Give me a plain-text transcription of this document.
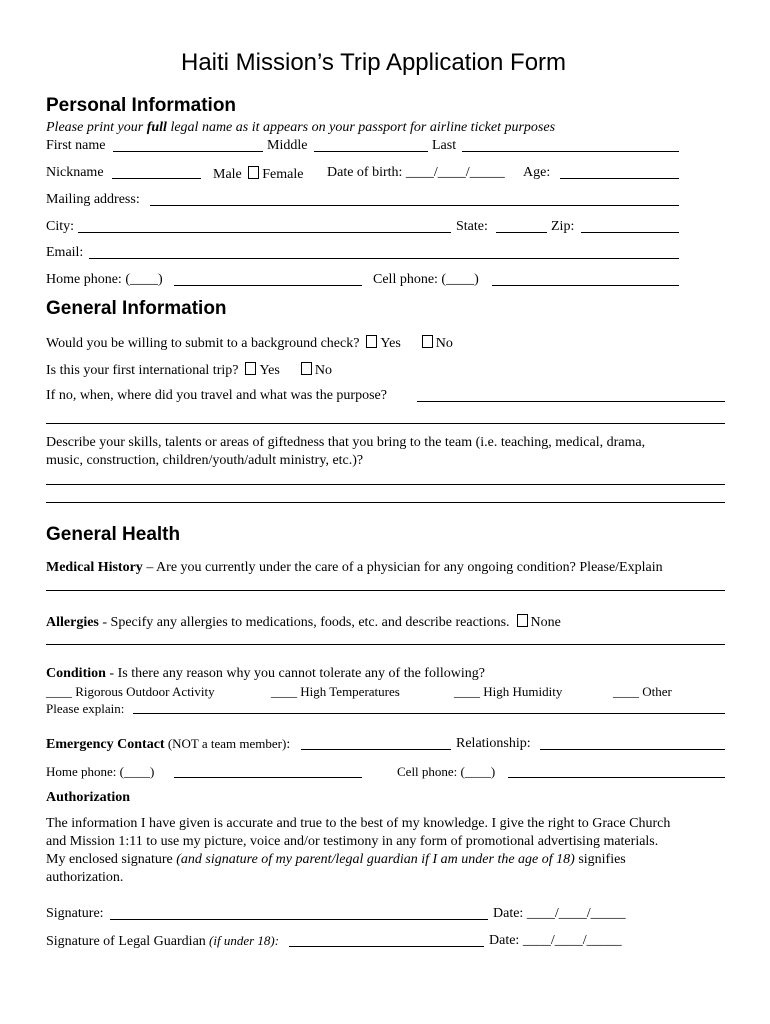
Haiti Mission’s Trip Application Form
Personal Information
Please print your full legal name as it appears on your passport for airline ticket purposes
First name	Middle	Last
Nickname	Male Female Date of birth: ____/____/_____ Age:
Mailing address:
City:	State:	Zip:
Email:
Home phone: (____)	Cell phone: (____)
General Information
Would you be willing to submit to a background check? Yes	No
Is this your first international trip? Yes	No
If no, when, where did you travel and what was the purpose?
Describe your skills, talents or areas of giftedness that you bring to the team (i.e. teaching, medical, drama,
music, construction, children/youth/adult ministry, etc.)?
General Health
Medical History – Are you currently under the care of a physician for any ongoing condition? Please/Explain
Allergies - Specify any allergies to medications, foods, etc. and describe reactions. None
Condition - Is there any reason why you cannot tolerate any of the following?
____ Rigorous Outdoor Activity	____ High Temperatures	____ High Humidity	____ Other
Please explain:
Emergency Contact (NOT a team member):	Relationship:
Home phone: (____)	Cell phone: (____)
Authorization
The information I have given is accurate and true to the best of my knowledge. I give the right to Grace Church
and Mission 1:11 to use my picture, voice and/or testimony in any form of promotional advertising materials.
My enclosed signature (and signature of my parent/legal guardian if I am under the age of 18) signifies
authorization.
Signature:	Date: ____/____/_____
Signature of Legal Guardian (if under 18):	Date: ____/____/_____
